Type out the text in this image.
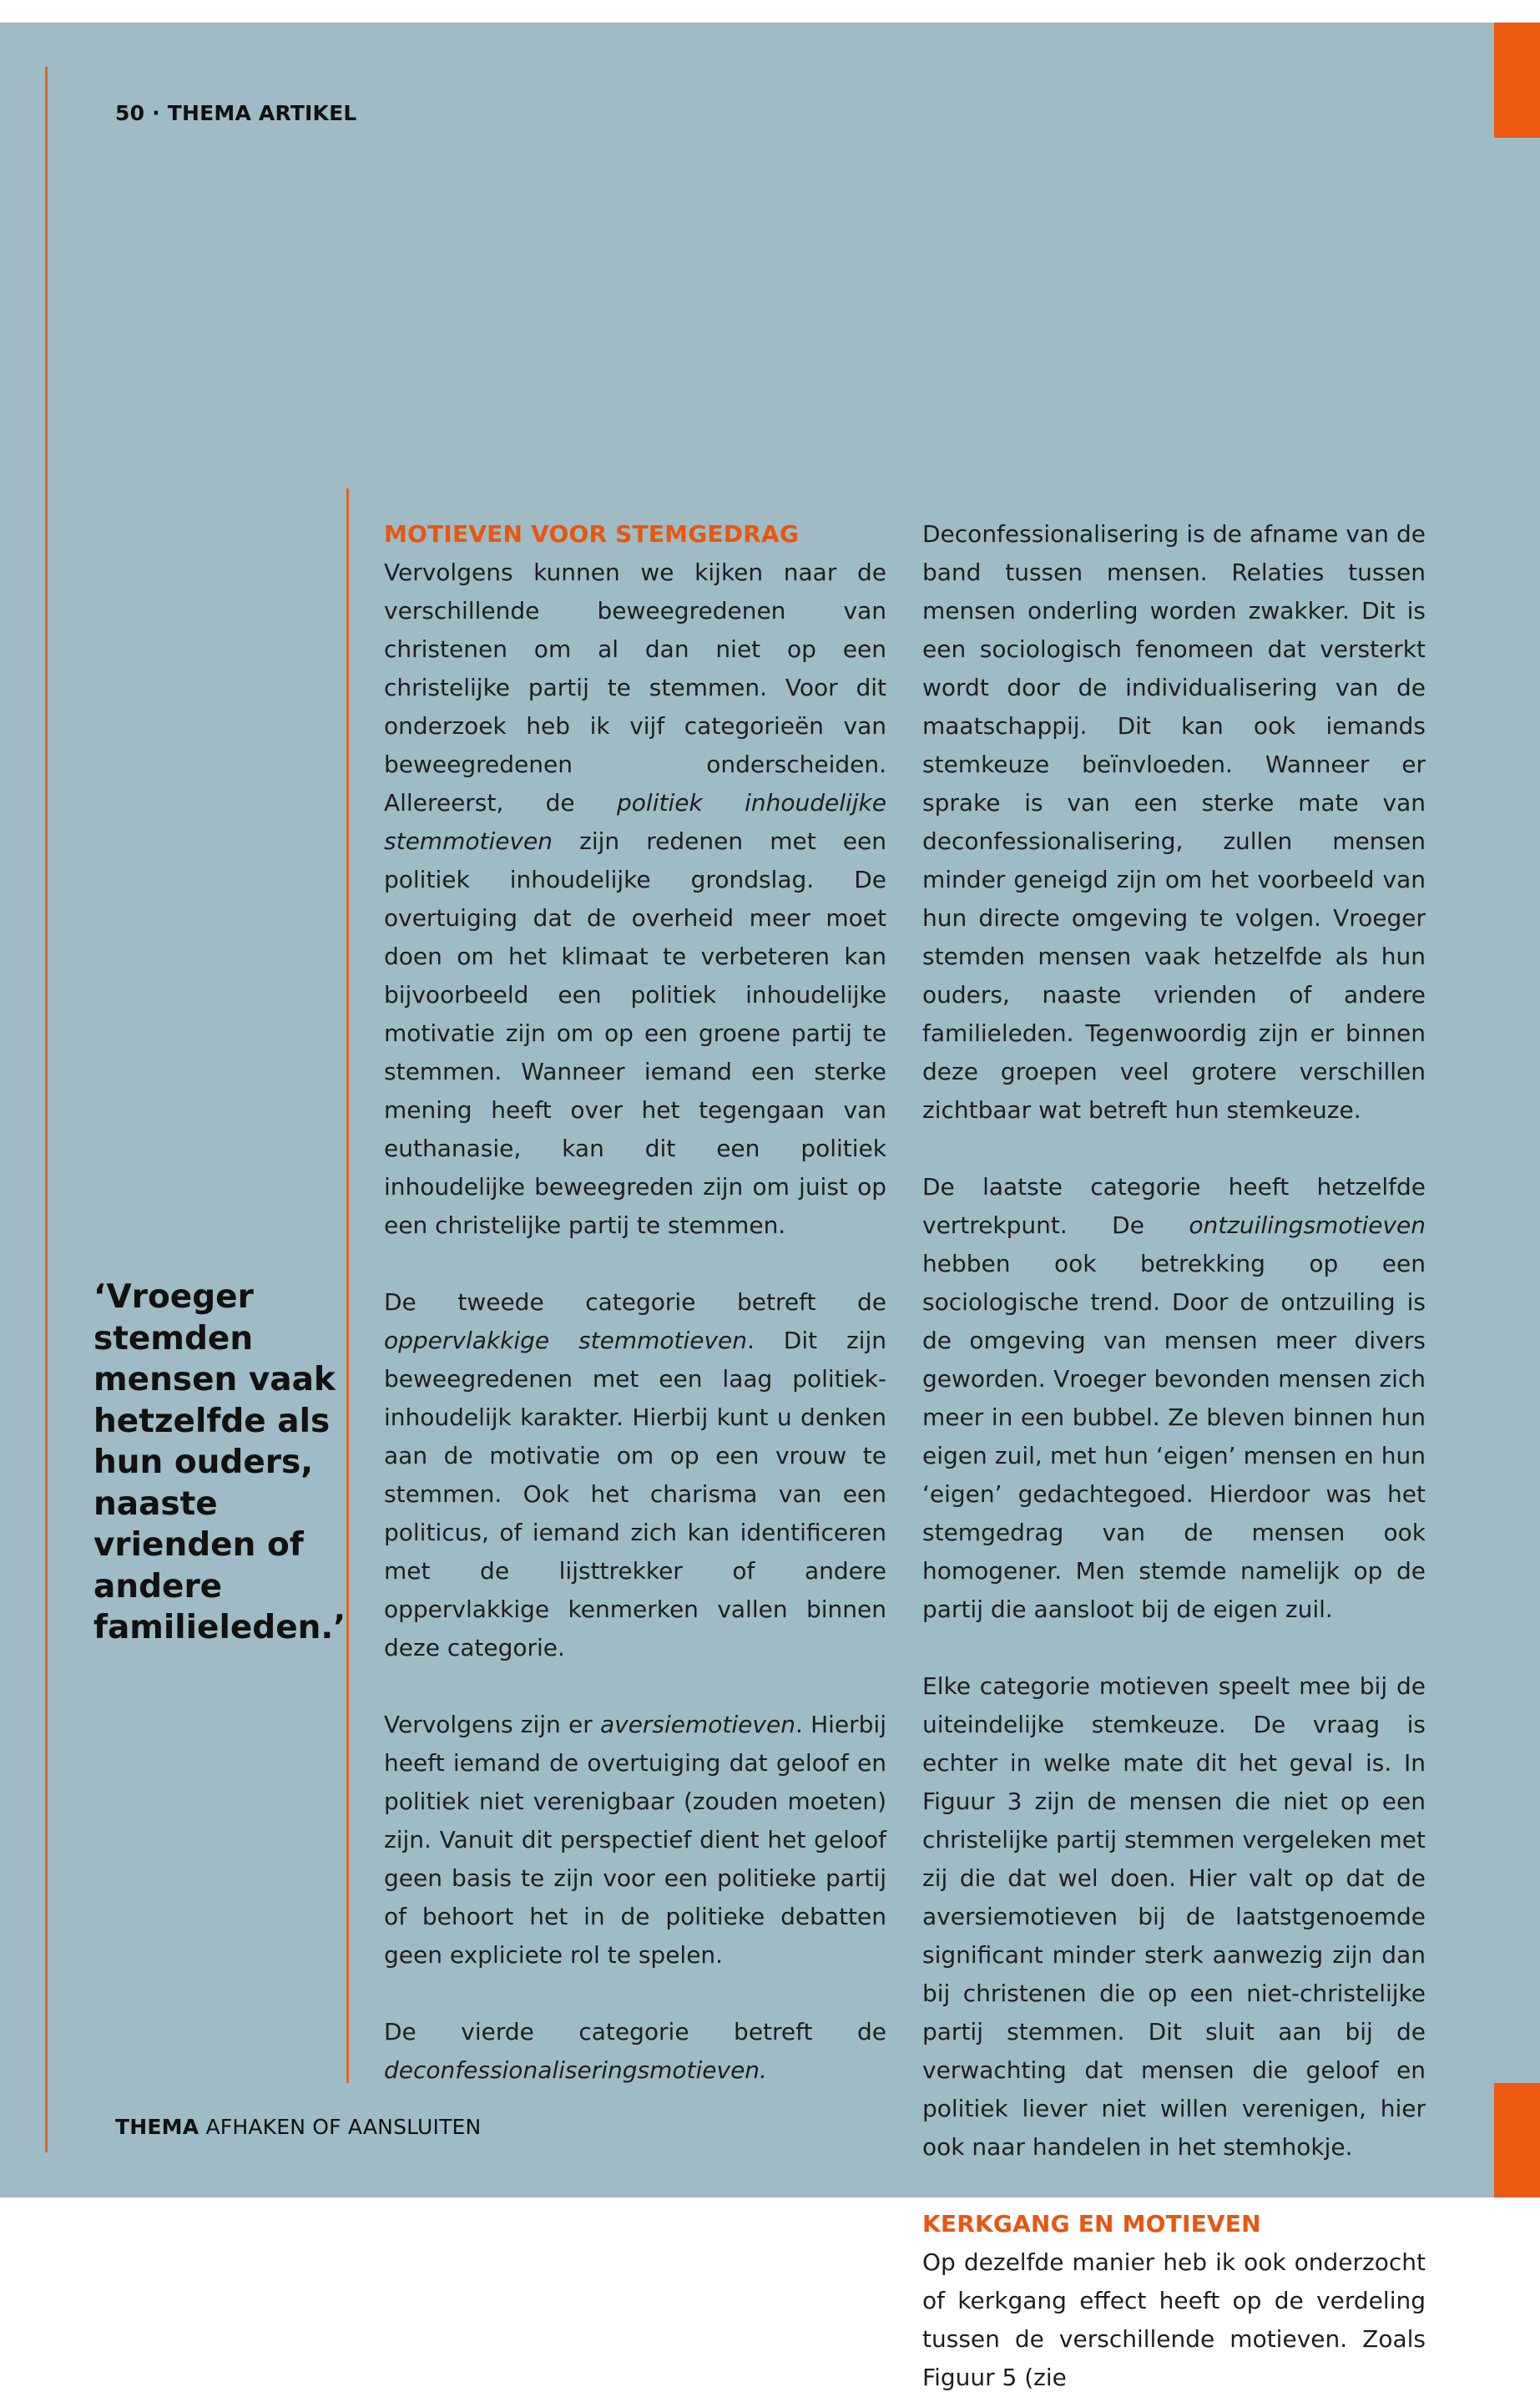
50 · THEMA ARTIKEL
‘Vroeger stemden mensen vaak hetzelfde als hun ouders, naaste vrienden of andere familieleden.’
MOTIEVEN VOOR STEMGEDRAG

Vervolgens kunnen we kijken naar de verschillende beweegredenen van christenen om al dan niet op een christelijke partij te stemmen. Voor dit onderzoek heb ik vijf categorieën van beweegredenen onderscheiden. Allereerst, de politiek inhoudelijke stemmotieven zijn redenen met een politiek inhoudelijke grondslag. De overtuiging dat de overheid meer moet doen om het klimaat te verbeteren kan bijvoorbeeld een politiek inhoudelijke motivatie zijn om op een groene partij te stemmen. Wanneer iemand een sterke mening heeft over het tegengaan van euthanasie, kan dit een politiek inhoudelijke beweegreden zijn om juist op een christelijke partij te stemmen.

De tweede categorie betreft de oppervlakkige stemmotieven. Dit zijn beweegredenen met een laag politiek-inhoudelijk karakter. Hierbij kunt u denken aan de motivatie om op een vrouw te stemmen. Ook het charisma van een politicus, of iemand zich kan identificeren met de lijsttrekker of andere oppervlakkige kenmerken vallen binnen deze categorie.

Vervolgens zijn er aversiemotieven. Hierbij heeft iemand de overtuiging dat geloof en politiek niet verenigbaar (zouden moeten) zijn. Vanuit dit perspectief dient het geloof geen basis te zijn voor een politieke partij of behoort het in de politieke debatten geen expliciete rol te spelen.

De vierde categorie betreft de deconfessionaliseringsmotieven.

Deconfessionalisering is de afname van de band tussen mensen. Relaties tussen mensen onderling worden zwakker. Dit is een sociologisch fenomeen dat versterkt wordt door de individualisering van de maatschappij. Dit kan ook iemands stemkeuze beïnvloeden. Wanneer er sprake is van een sterke mate van deconfessionalisering, zullen mensen minder geneigd zijn om het voorbeeld van hun directe omgeving te volgen. Vroeger stemden mensen vaak hetzelfde als hun ouders, naaste vrienden of andere familieleden. Tegenwoordig zijn er binnen deze groepen veel grotere verschillen zichtbaar wat betreft hun stemkeuze.

De laatste categorie heeft hetzelfde vertrekpunt. De ontzuilingsmotieven hebben ook betrekking op een sociologische trend. Door de ontzuiling is de omgeving van mensen meer divers geworden. Vroeger bevonden mensen zich meer in een bubbel. Ze bleven binnen hun eigen zuil, met hun ‘eigen’ mensen en hun ‘eigen’ gedachtegoed. Hierdoor was het stemgedrag van de mensen ook homogener. Men stemde namelijk op de partij die aansloot bij de eigen zuil.

Elke categorie motieven speelt mee bij de uiteindelijke stemkeuze. De vraag is echter in welke mate dit het geval is. In Figuur 3 zijn de mensen die niet op een christelijke partij stemmen vergeleken met zij die dat wel doen. Hier valt op dat de aversiemotieven bij de laatstgenoemde significant minder sterk aanwezig zijn dan bij christenen die op een niet-christelijke partij stemmen. Dit sluit aan bij de verwachting dat mensen die geloof en politiek liever niet willen verenigen, hier ook naar handelen in het stemhokje.

KERKGANG EN MOTIEVEN

Op dezelfde manier heb ik ook onderzocht of kerkgang effect heeft op de verdeling tussen de verschillende motieven. Zoals Figuur 5 (zie

THEMA AFHAKEN OF AANSLUITEN
